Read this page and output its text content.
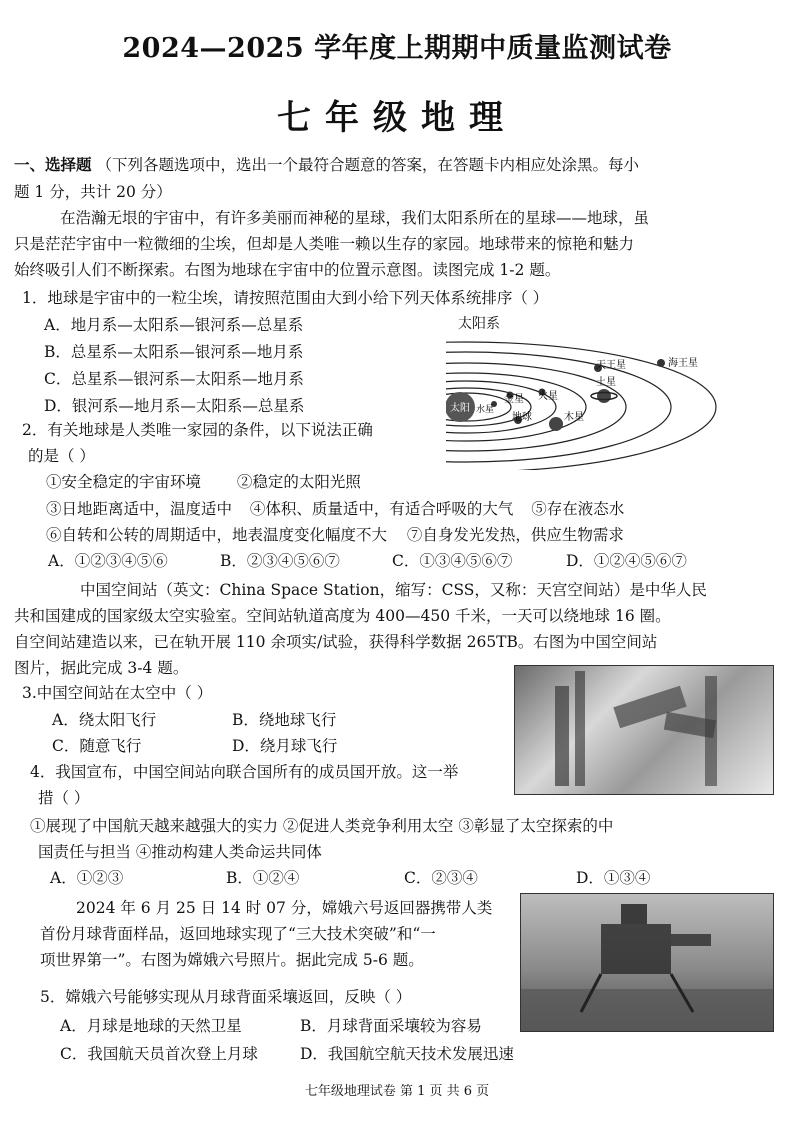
2024—2025 学年度上期期中质量监测试卷
七年级地理
一、选择题 （下列各题选项中，选出一个最符合题意的答案，在答题卡内相应处涂黑。每小
题 1 分，共计 20 分）
在浩瀚无垠的宇宙中，有许多美丽而神秘的星球，我们太阳系所在的星球——地球，虽
只是茫茫宇宙中一粒微细的尘埃，但却是人类唯一赖以生存的家园。地球带来的惊艳和魅力
始终吸引人们不断探索。右图为地球在宇宙中的位置示意图。读图完成 1-2 题。
1．地球是宇宙中的一粒尘埃，请按照范围由大到小给下列天体系统排序（ ）
A．地月系—太阳系—银河系—总星系
B．总星系—太阳系—银河系—地月系
C．总星系—银河系—太阳系—地月系
D．银河系—地月系—太阳系—总星系	太阳 水星
金星
地球
火星
木星
土星
天王星	海王星
太阳系
2．有关地球是人类唯一家园的条件，以下说法正确
的是（ ）
①安全稳定的宇宙环境 ②稳定的太阳光照
③日地距离适中，温度适中 ④体积、质量适中，有适合呼吸的大气 ⑤存在液态水
⑥自转和公转的周期适中，地表温度变化幅度不大 ⑦自身发光发热，供应生物需求
A．①②③④⑤⑥	B．②③④⑤⑥⑦	C．①③④⑤⑥⑦	D．①②④⑤⑥⑦
中国空间站（英文：China Space Station，缩写：CSS，又称：天宫空间站）是中华人民
共和国建成的国家级太空实验室。空间站轨道高度为 400—450 千米，一天可以绕地球 16 圈。
自空间站建造以来，已在轨开展 110 余项实/试验，获得科学数据 265TB。右图为中国空间站
图片，据此完成 3-4 题。
3.中国空间站在太空中（ ）
A．绕太阳飞行	B．绕地球飞行
C．随意飞行	D．绕月球飞行
4．我国宣布，中国空间站向联合国所有的成员国开放。这一举
措（ ）
①展现了中国航天越来越强大的实力 ②促进人类竞争利用太空 ③彰显了太空探索的中
国责任与担当 ④推动构建人类命运共同体
A．①②③	B．①②④	C．②③④	D．①③④
2024 年 6 月 25 日 14 时 07 分，嫦娥六号返回器携带人类
首份月球背面样品，返回地球实现了“三大技术突破”和“一
项世界第一”。右图为嫦娥六号照片。据此完成 5-6 题。
5．嫦娥六号能够实现从月球背面采壤返回，反映（ ）
A．月球是地球的天然卫星	B．月球背面采壤较为容易
C．我国航天员首次登上月球	D．我国航空航天技术发展迅速
七年级地理试卷 第 1 页 共 6 页
